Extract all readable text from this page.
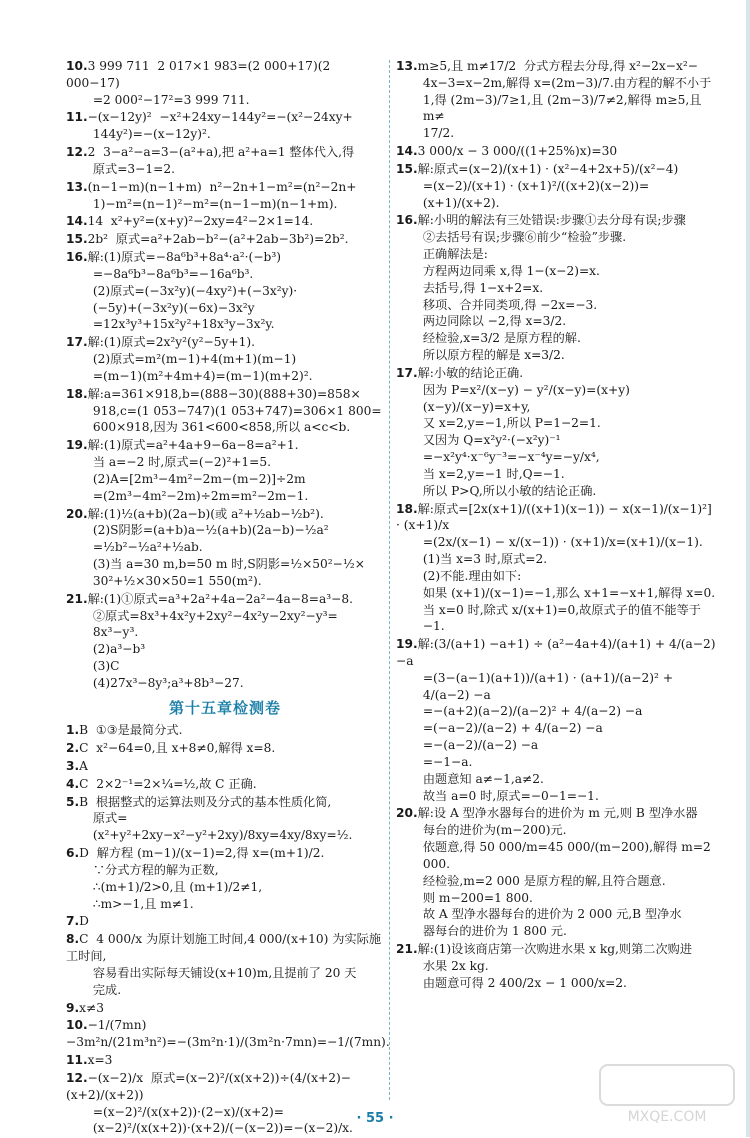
10.3 999 711  2 017×1 983=(2 000+17)(2 000−17)
=2 000²−17²=3 999 711.
11.−(x−12y)²  −x²+24xy−144y²=−(x²−24xy+
144y²)=−(x−12y)².
12.2  3−a²−a=3−(a²+a),把 a²+a=1 整体代入,得
原式=3−1=2.
13.(n−1−m)(n−1+m)  n²−2n+1−m²=(n²−2n+
1)−m²=(n−1)²−m²=(n−1−m)(n−1+m).
14.14  x²+y²=(x+y)²−2xy=4²−2×1=14.
15.2b²  原式=a²+2ab−b²−(a²+2ab−3b²)=2b².
16.解:(1)原式=−8a⁶b³+8a⁴·a²·(−b³)
=−8a⁶b³−8a⁶b³=−16a⁶b³.
(2)原式=(−3x²y)(−4xy²)+(−3x²y)·
(−5y)+(−3x²y)(−6x)−3x²y
=12x³y³+15x²y²+18x³y−3x²y.
17.解:(1)原式=2x²y²(y²−5y+1).
(2)原式=m²(m−1)+4(m+1)(m−1)
=(m−1)(m²+4m+4)=(m−1)(m+2)².
18.解:a=361×918,b=(888−30)(888+30)=858×
918,c=(1 053−747)(1 053+747)=306×1 800=
600×918,因为 361<600<858,所以 a<c<b.
19.解:(1)原式=a²+4a+9−6a−8=a²+1.
当 a=−2 时,原式=(−2)²+1=5.
(2)A=[2m³−4m²−2m−(m−2)]÷2m
=(2m³−4m²−2m)÷2m=m²−2m−1.
20.解:(1)½(a+b)(2a−b)(或 a²+½ab−½b²).
(2)S阴影=(a+b)a−½(a+b)(2a−b)−½a²
=½b²−½a²+½ab.
(3)当 a=30 m,b=50 m 时,S阴影=½×50²−½×
30²+½×30×50=1 550(m²).
21.解:(1)①原式=a³+2a²+4a−2a²−4a−8=a³−8.
②原式=8x³+4x²y+2xy²−4x²y−2xy²−y³=
8x³−y³.
(2)a³−b³
(3)C
(4)27x³−8y³;a³+8b³−27.
第十五章检测卷
1.B  ①③是最简分式.
2.C  x²−64=0,且 x+8≠0,解得 x=8.
3.A
4.C  2×2⁻¹=2×¼=½,故 C 正确.
5.B  根据整式的运算法则及分式的基本性质化简,
原式=(x²+y²+2xy−x²−y²+2xy)/8xy=4xy/8xy=½.
6.D  解方程 (m−1)/(x−1)=2,得 x=(m+1)/2.
∵分式方程的解为正数,
∴(m+1)/2>0,且 (m+1)/2≠1,
∴m>−1,且 m≠1.
7.D
8.C  4 000/x 为原计划施工时间,4 000/(x+10) 为实际施工时间,
容易看出实际每天铺设(x+10)m,且提前了 20 天
完成.
9.x≠3
10.−1/(7mn)  −3m²n/(21m³n²)=−(3m²n·1)/(3m²n·7mn)=−1/(7mn).
11.x=3
12.−(x−2)/x  原式=(x−2)²/(x(x+2))÷(4/(x+2)−(x+2)/(x+2))
=(x−2)²/(x(x+2))·(2−x)/(x+2)=(x−2)²/(x(x+2))·(x+2)/(−(x−2))=−(x−2)/x.
13.m≥5,且 m≠17/2  分式方程去分母,得 x²−2x−x²−
4x−3=x−2m,解得 x=(2m−3)/7.由方程的解不小于
1,得 (2m−3)/7≥1,且 (2m−3)/7≠2,解得 m≥5,且 m≠
17/2.
14.3 000/x − 3 000/((1+25%)x)=30
15.解:原式=(x−2)/(x+1) · (x²−4+2x+5)/(x²−4)
=(x−2)/(x+1) · (x+1)²/((x+2)(x−2))=(x+1)/(x+2).
16.解:小明的解法有三处错误:步骤①去分母有误;步骤
②去括号有误;步骤⑥前少“检验”步骤.
正确解法是:
方程两边同乘 x,得 1−(x−2)=x.
去括号,得 1−x+2=x.
移项、合并同类项,得 −2x=−3.
两边同除以 −2,得 x=3/2.
经检验,x=3/2 是原方程的解.
所以原方程的解是 x=3/2.
17.解:小敏的结论正确.
因为 P=x²/(x−y) − y²/(x−y)=(x+y)(x−y)/(x−y)=x+y,
又 x=2,y=−1,所以 P=1−2=1.
又因为 Q=x²y²·(−x²y)⁻¹
=−x²y⁴·x⁻⁶y⁻³=−x⁻⁴y=−y/x⁴,
当 x=2,y=−1 时,Q=−1.
所以 P>Q,所以小敏的结论正确.
18.解:原式=[2x(x+1)/((x+1)(x−1)) − x(x−1)/(x−1)²] · (x+1)/x
=(2x/(x−1) − x/(x−1)) · (x+1)/x=(x+1)/(x−1).
(1)当 x=3 时,原式=2.
(2)不能.理由如下:
如果 (x+1)/(x−1)=−1,那么 x+1=−x+1,解得 x=0.
当 x=0 时,除式 x/(x+1)=0,故原式子的值不能等于
−1.
19.解:(3/(a+1) −a+1) ÷ (a²−4a+4)/(a+1) + 4/(a−2) −a
=(3−(a−1)(a+1))/(a+1) · (a+1)/(a−2)² + 4/(a−2) −a
=−(a+2)(a−2)/(a−2)² + 4/(a−2) −a
=(−a−2)/(a−2) + 4/(a−2) −a
=−(a−2)/(a−2) −a
=−1−a.
由题意知 a≠−1,a≠2.
故当 a=0 时,原式=−0−1=−1.
20.解:设 A 型净水器每台的进价为 m 元,则 B 型净水器
每台的进价为(m−200)元.
依题意,得 50 000/m=45 000/(m−200),解得 m=2 000.
经检验,m=2 000 是原方程的解,且符合题意.
则 m−200=1 800.
故 A 型净水器每台的进价为 2 000 元,B 型净水
器每台的进价为 1 800 元.
21.解:(1)设该商店第一次购进水果 x kg,则第二次购进
水果 2x kg.
由题意可得 2 400/2x − 1 000/x=2.
· 55 ·	MXQE.COM
